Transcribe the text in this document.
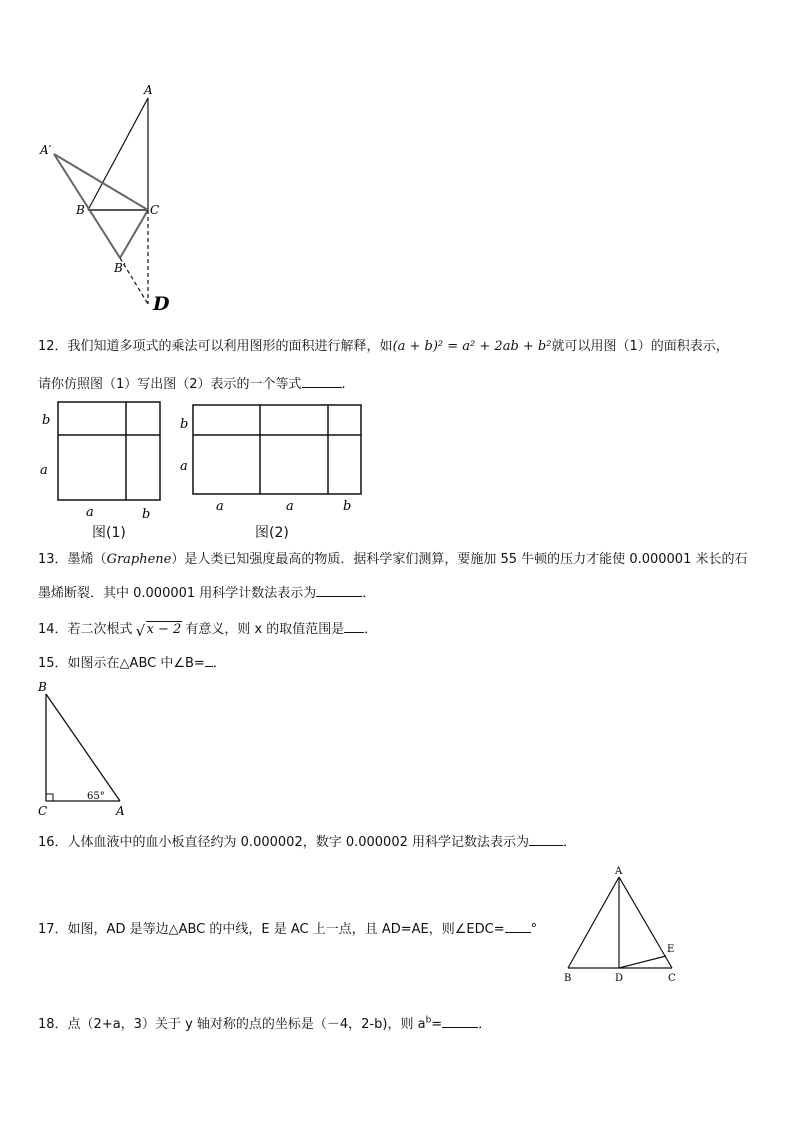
A
A′
B	C
B′
D
12．我们知道多项式的乘法可以利用图形的面积进行解释，如(a + b)² = a² + 2ab + b²就可以用图（1）的面积表示，
请你仿照图（1）写出图（2）表示的一个等式	.
b
a
a	b
图(1)
b
a
a	a	b
图(2)
13．墨烯（Graphene）是人类已知强度最高的物质．据科学家们测算，要施加 55 牛顿的压力才能使 0.000001 米长的石
墨烯断裂．其中 0.000001 用科学计数法表示为	．
14．若二次根式 √ x − 2 有意义，则 x 的取值范围是 ．
15．如图示在△ABC 中∠B= ．
B
C	A
65°
16．人体血液中的血小板直径约为 0.000002，数字 0.000002 用科学记数法表示为	．
17．如图，AD 是等边△ABC 的中线，E 是 AC 上一点，且 AD=AE，则∠EDC= °
A
B	D	C
E
18．点（2+a，3）关于 y 轴对称的点的坐标是（－4，2-b)，则 $a^b=$	．
